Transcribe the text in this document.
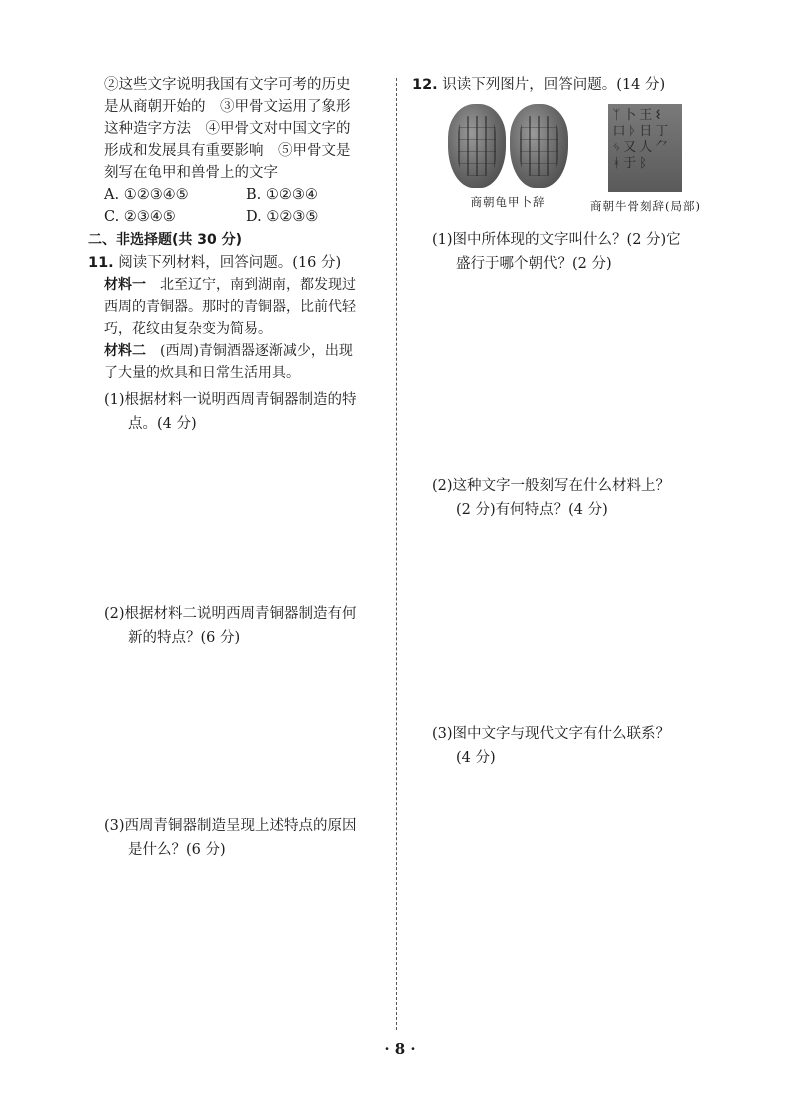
②这些文字说明我国有文字可考的历史
是从商朝开始的　③甲骨文运用了象形
这种造字方法　④甲骨文对中国文字的
形成和发展具有重要影响　⑤甲骨文是
刻写在龟甲和兽骨上的文字
A. ①②③④⑤	B. ①②③④
C. ②③④⑤	D. ①②③⑤
二、非选择题(共 30 分)
11. 阅读下列材料，回答问题。(16 分)
材料一　北至辽宁，南到湖南，都发现过
西周的青铜器。那时的青铜器，比前代轻
巧，花纹由复杂变为简易。
材料二　(西周)青铜酒器逐渐减少，出现
了大量的炊具和日常生活用具。
(1)根据材料一说明西周青铜器制造的特
点。(4 分)
(2)根据材料二说明西周青铜器制造有何
新的特点？(6 分)
(3)西周青铜器制造呈现上述特点的原因
是什么？(6 分)
12. 识读下列图片，回答问题。(14 分)
商朝龟甲卜辞
ᛉ卜王𐌔口ᚦ日丁ᛃ又人⺈ᚼ于ᛒ
商朝牛骨刻辞(局部)
(1)图中所体现的文字叫什么？(2 分)它
盛行于哪个朝代？(2 分)
(2)这种文字一般刻写在什么材料上？
(2 分)有何特点？(4 分)
(3)图中文字与现代文字有什么联系？
(4 分)
· 8 ·
